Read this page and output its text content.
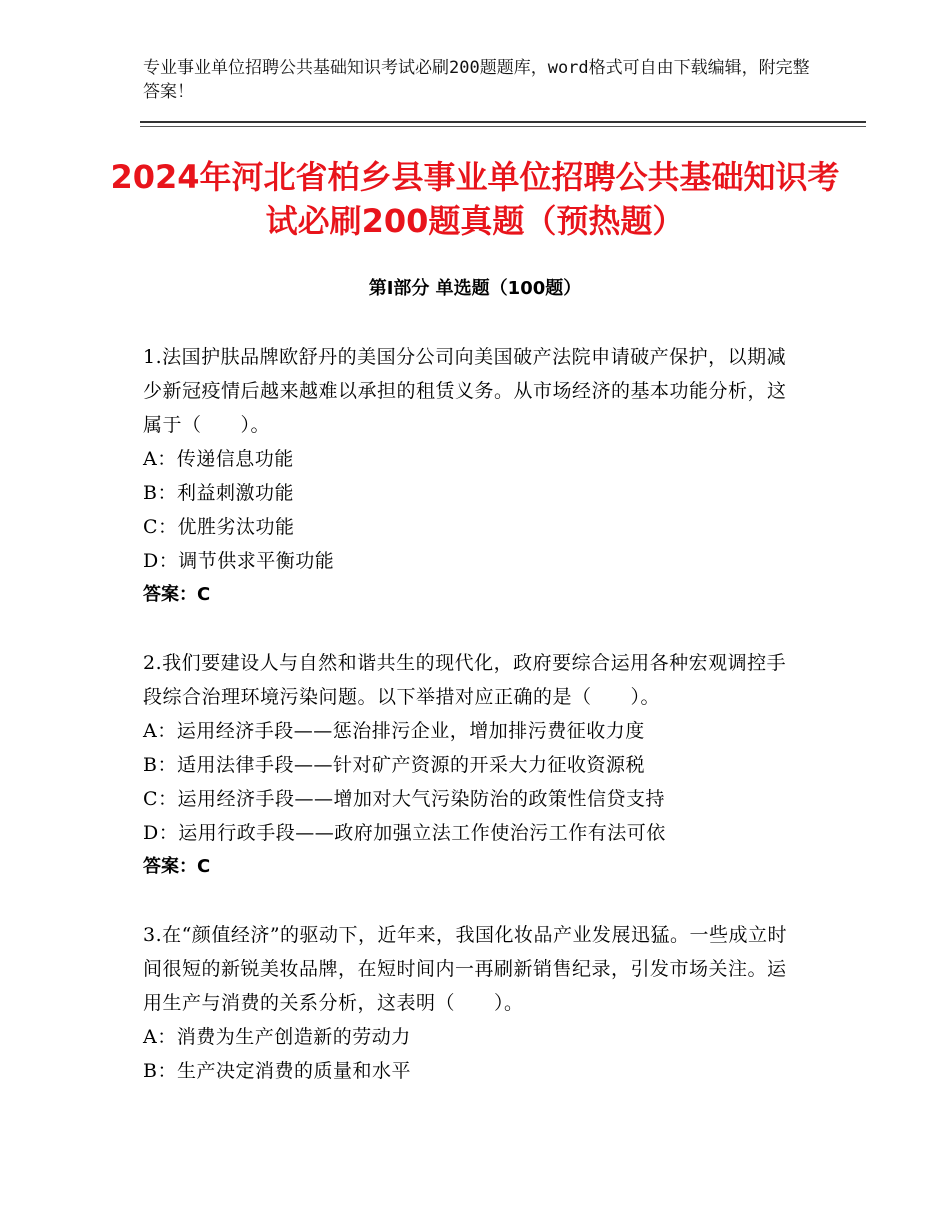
专业事业单位招聘公共基础知识考试必刷200题题库，word格式可自由下载编辑，附完整答案！
2024年河北省柏乡县事业单位招聘公共基础知识考试必刷200题真题（预热题）
第Ⅰ部分 单选题（100题）

1.法国护肤品牌欧舒丹的美国分公司向美国破产法院申请破产保护，以期减少新冠疫情后越来越难以承担的租赁义务。从市场经济的基本功能分析，这属于（　　）。

A：传递信息功能

B：利益刺激功能

C：优胜劣汰功能

D：调节供求平衡功能

答案：C

2.我们要建设人与自然和谐共生的现代化，政府要综合运用各种宏观调控手段综合治理环境污染问题。以下举措对应正确的是（　　）。

A：运用经济手段——惩治排污企业，增加排污费征收力度

B：适用法律手段——针对矿产资源的开采大力征收资源税

C：运用经济手段——增加对大气污染防治的政策性信贷支持

D：运用行政手段——政府加强立法工作使治污工作有法可依

答案：C

3.在“颜值经济”的驱动下，近年来，我国化妆品产业发展迅猛。一些成立时间很短的新锐美妆品牌，在短时间内一再刷新销售纪录，引发市场关注。运用生产与消费的关系分析，这表明（　　）。

A：消费为生产创造新的劳动力

B：生产决定消费的质量和水平
